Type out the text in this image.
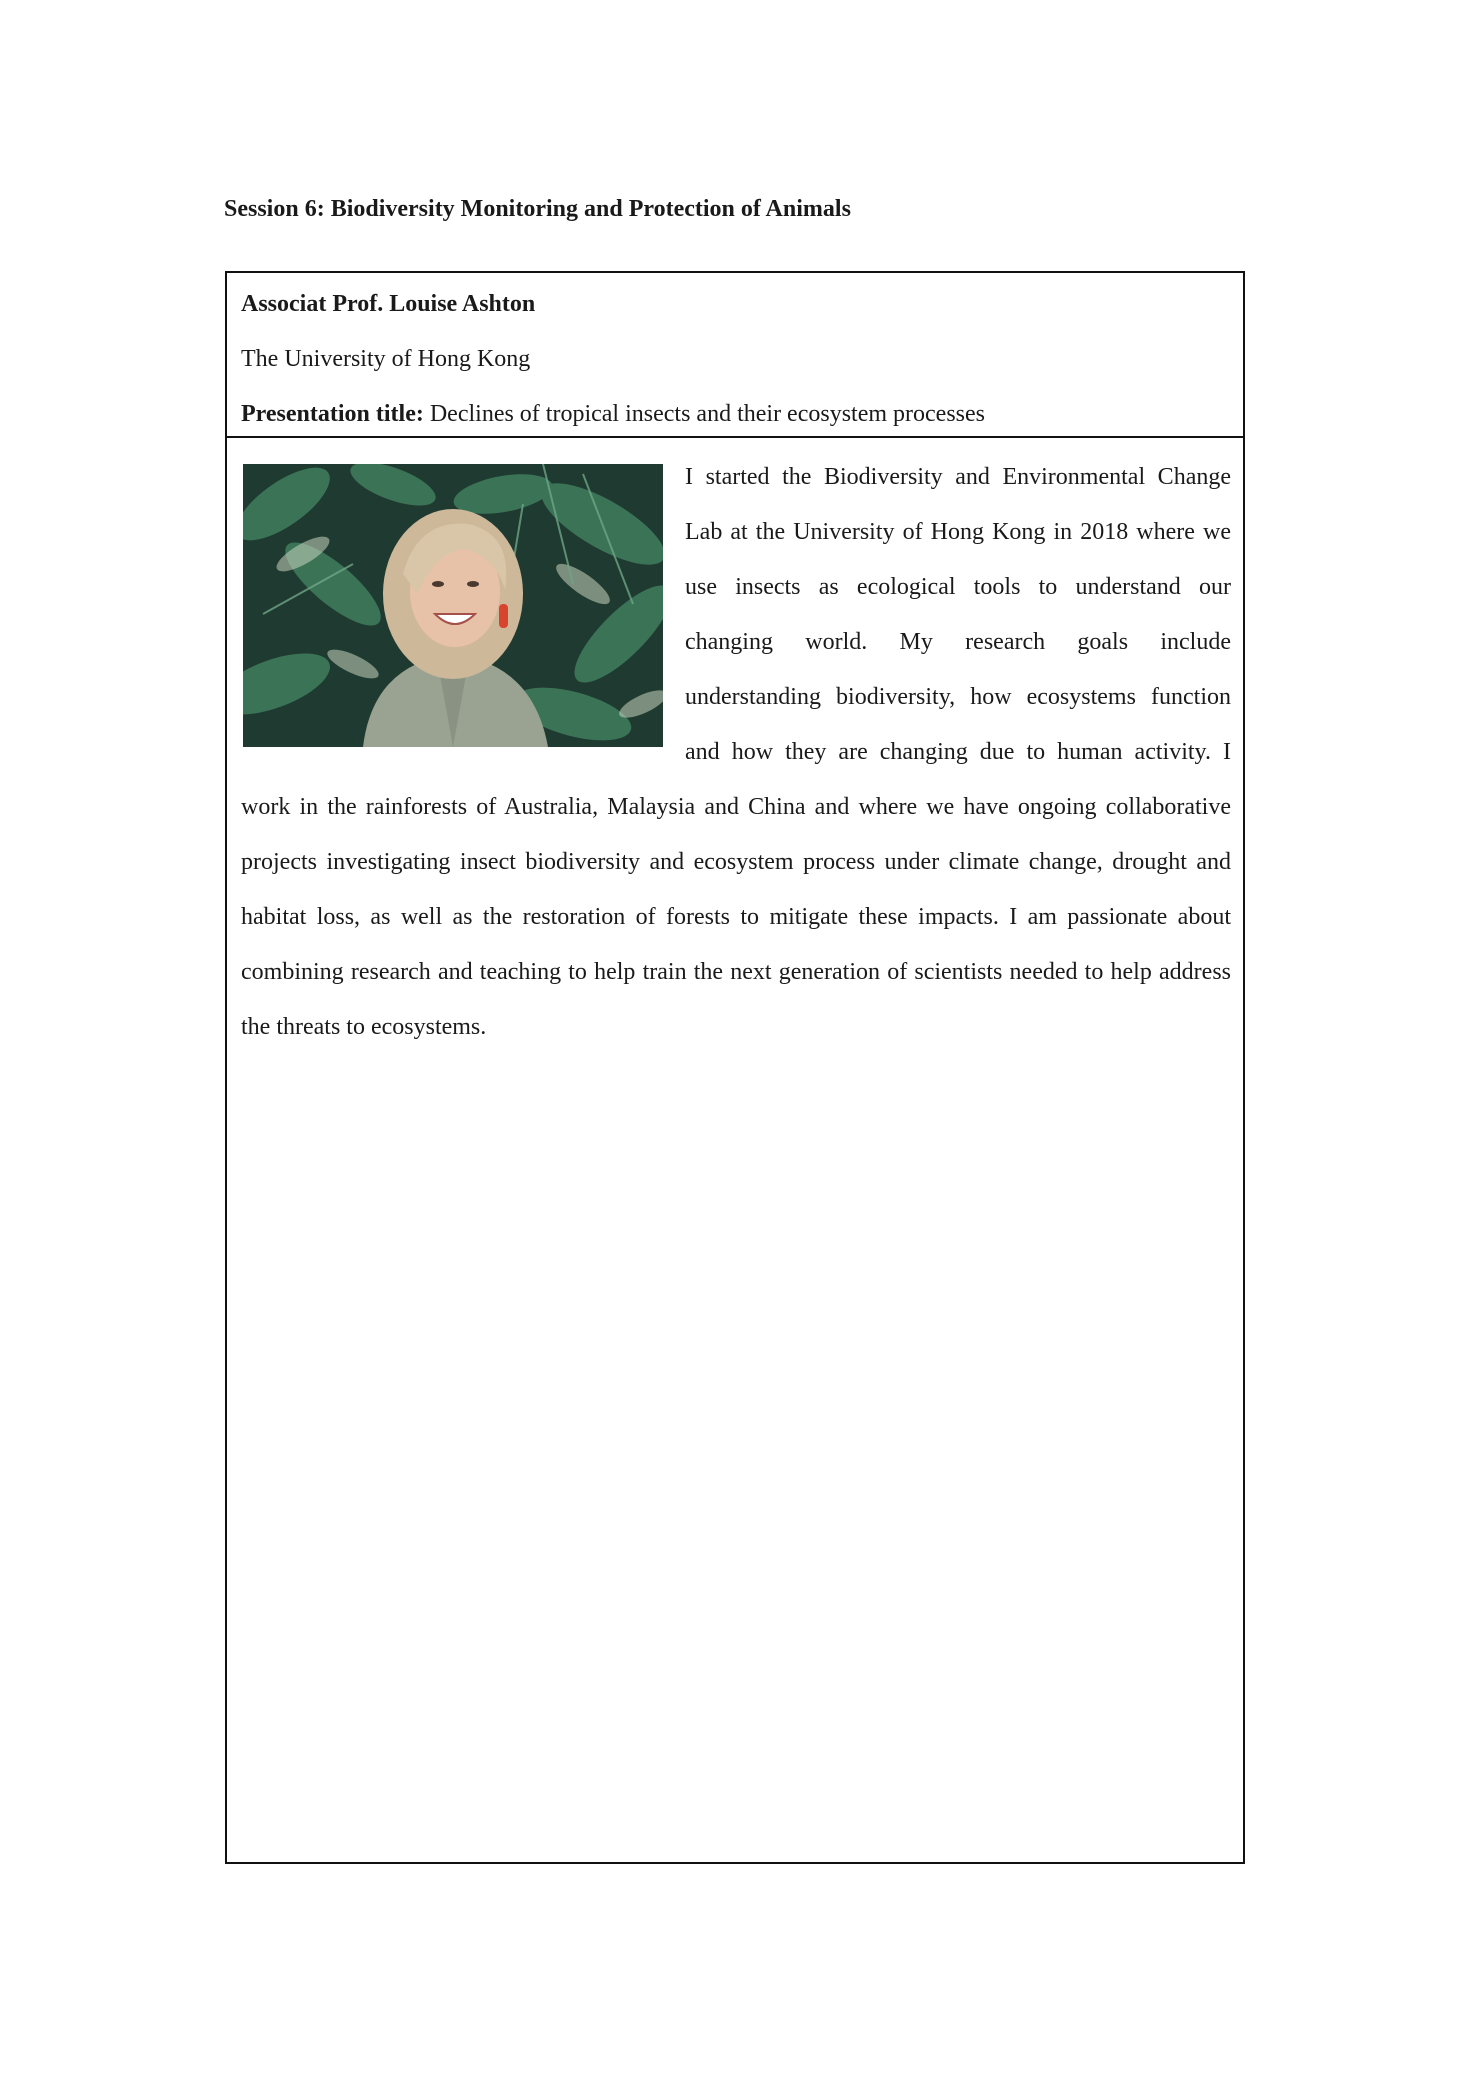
Session 6: Biodiversity Monitoring and Protection of Animals
Associat Prof. Louise Ashton
The University of Hong Kong
Presentation title: Declines of tropical insects and their ecosystem processes
I started the Biodiversity and Environmental Change Lab at the University of Hong Kong in 2018 where we use insects as ecological tools to understand our changing world. My research goals include understanding biodiversity, how ecosystems function and how they are changing due to human activity. I work in the rainforests of Australia, Malaysia and China and where we have ongoing collaborative projects investigating insect biodiversity and ecosystem process under climate change, drought and habitat loss, as well as the restoration of forests to mitigate these impacts. I am passionate about combining research and teaching to help train the next generation of scientists needed to help address the threats to ecosystems.
